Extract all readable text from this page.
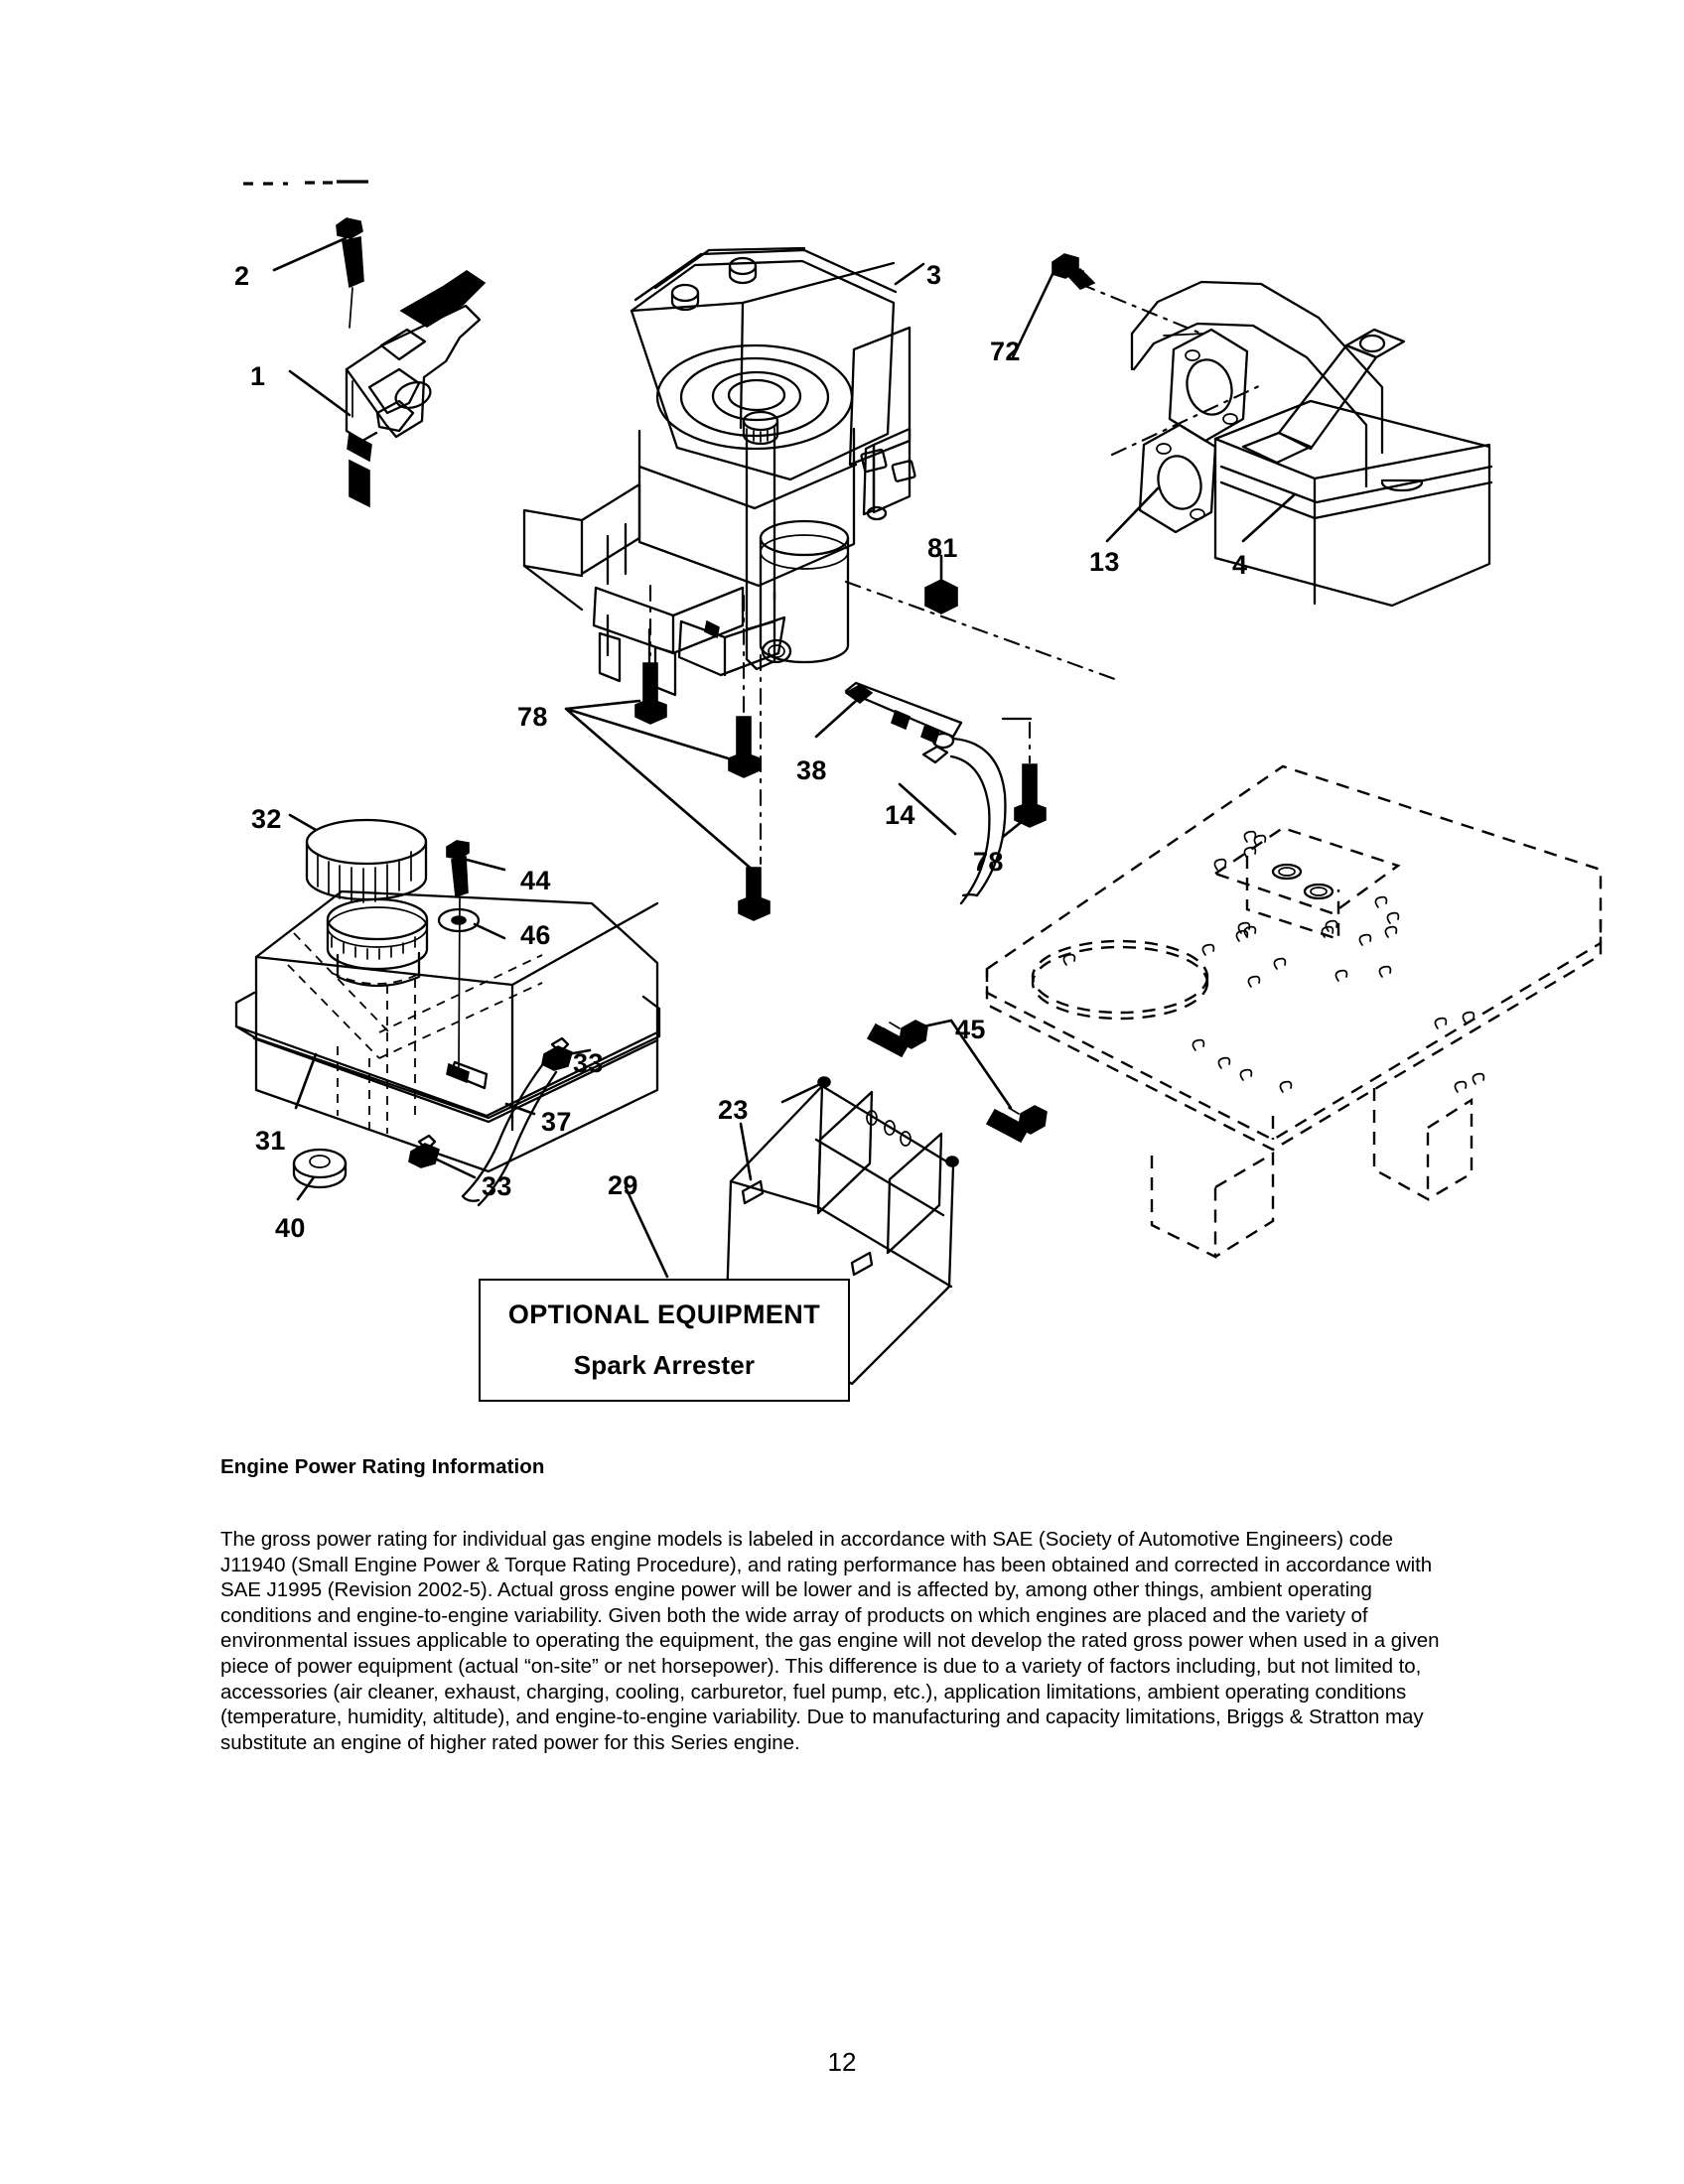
2
1
3
72
13	4
81
78
38
14
78
32
44
46
33
37
33
31
40
29
23
45
OPTIONAL EQUIPMENT
Spark Arrester
Engine Power Rating Information

The gross power rating for individual gas engine models is labeled in accordance with SAE (Society of Automotive Engineers) code J11940 (Small Engine Power & Torque Rating Procedure), and rating performance has been obtained and corrected in accordance with SAE J1995 (Revision 2002-5). Actual gross engine power will be lower and is affected by, among other things, ambient operating conditions and engine-to-engine variability. Given both the wide array of products on which engines are placed and the variety of environmental issues applicable to operating the equipment, the gas engine will not develop the rated gross power when used in a given piece of power equipment (actual “on-site” or net horsepower). This difference is due to a variety of factors including, but not limited to, accessories (air cleaner, exhaust, charging, cooling, carburetor, fuel pump, etc.), application limitations, ambient operating conditions (temperature, humidity, altitude), and engine-to-engine variability. Due to manufacturing and capacity limitations, Briggs & Stratton may substitute an engine of higher rated power for this Series engine.

12
